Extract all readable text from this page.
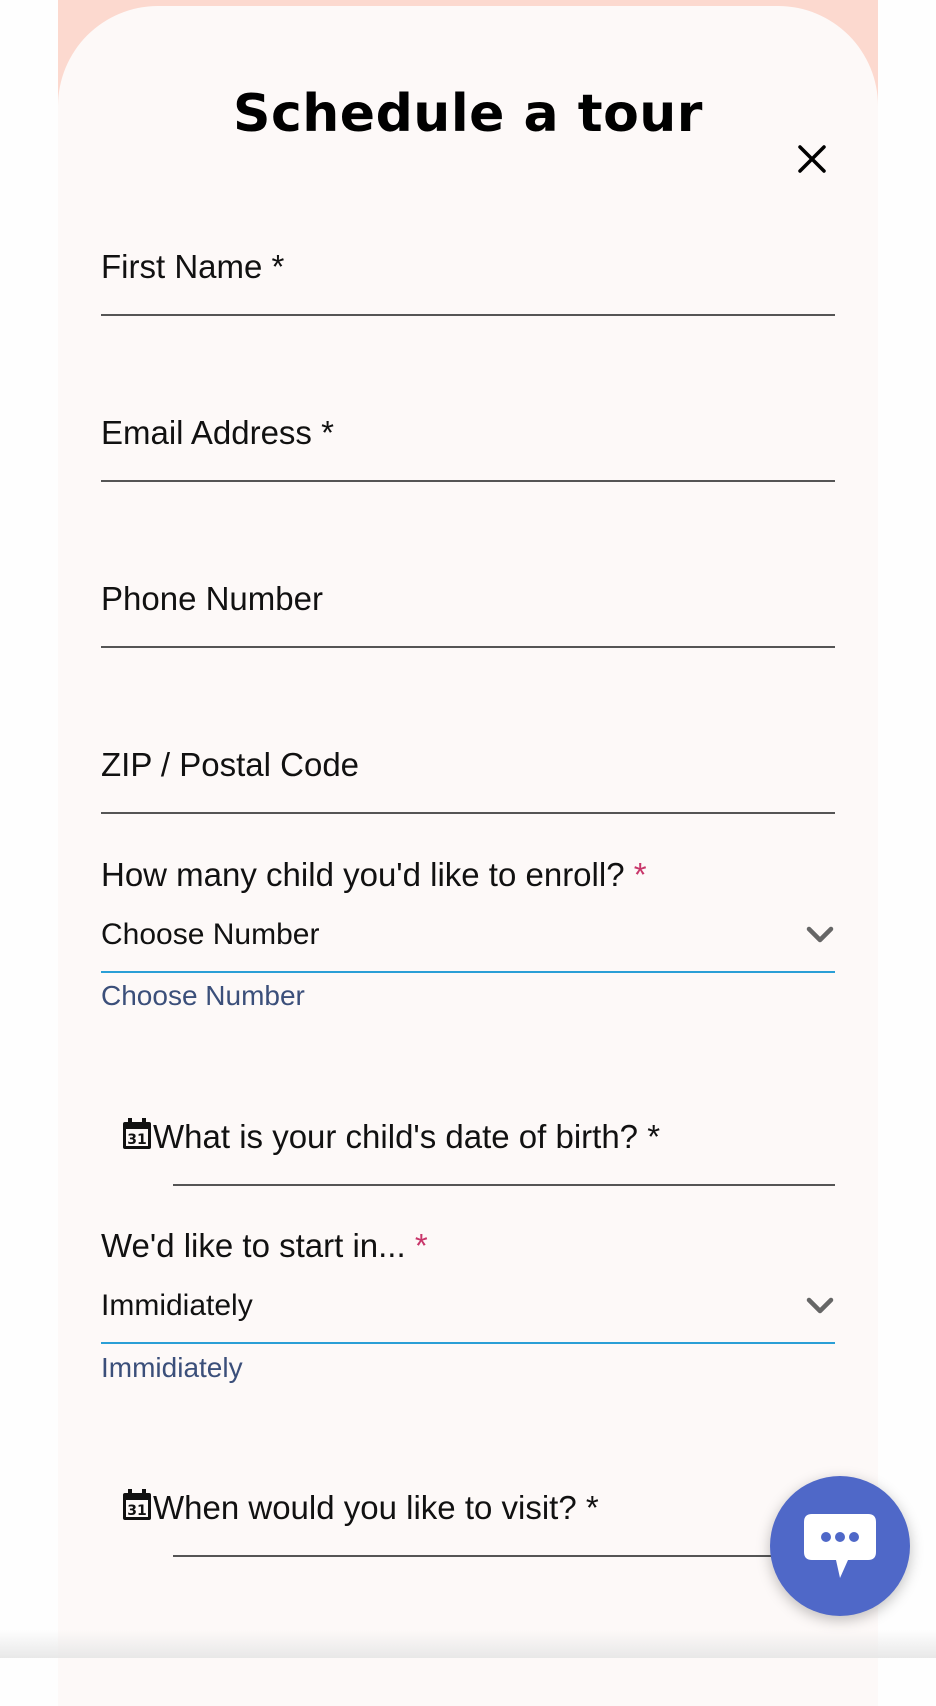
Schedule a tour
First Name *
Email Address *
Phone Number
ZIP / Postal Code
How many child you'd like to enroll? *
Choose Number
Choose Number
31 What is your child's date of birth? *
We'd like to start in... *
Immidiately
Immidiately
31 When would you like to visit? *
